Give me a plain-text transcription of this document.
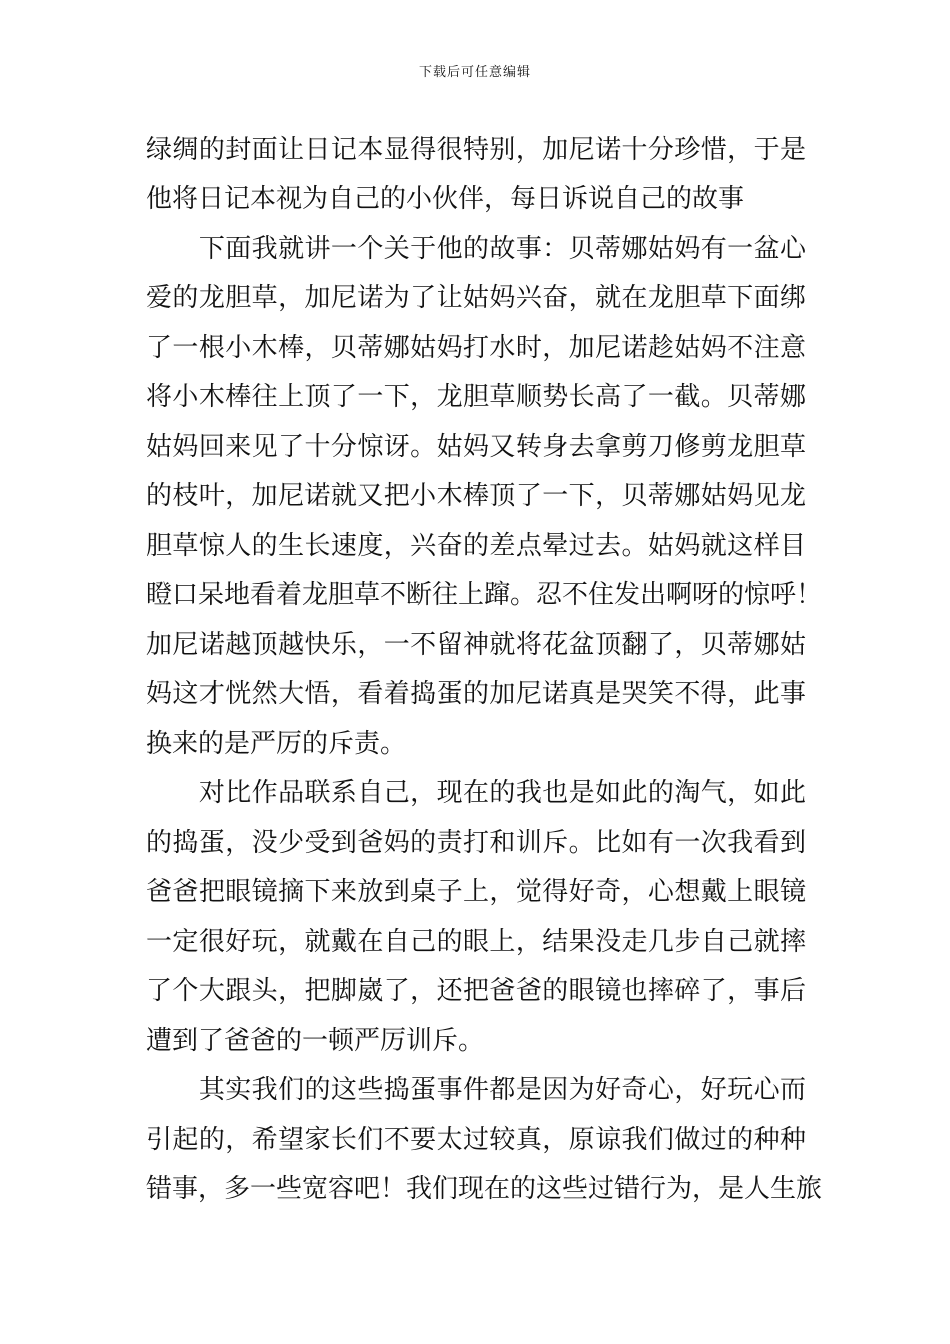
下载后可任意编辑
绿绸的封面让日记本显得很特别，加尼诺十分珍惜，于是
他将日记本视为自己的小伙伴，每日诉说自己的故事
　　下面我就讲一个关于他的故事：贝蒂娜姑妈有一盆心
爱的龙胆草，加尼诺为了让姑妈兴奋，就在龙胆草下面绑
了一根小木棒，贝蒂娜姑妈打水时，加尼诺趁姑妈不注意
将小木棒往上顶了一下，龙胆草顺势长高了一截。贝蒂娜
姑妈回来见了十分惊讶。姑妈又转身去拿剪刀修剪龙胆草
的枝叶，加尼诺就又把小木棒顶了一下，贝蒂娜姑妈见龙
胆草惊人的生长速度，兴奋的差点晕过去。姑妈就这样目
瞪口呆地看着龙胆草不断往上蹿。忍不住发出啊呀的惊呼！
加尼诺越顶越快乐，一不留神就将花盆顶翻了，贝蒂娜姑
妈这才恍然大悟，看着捣蛋的加尼诺真是哭笑不得，此事
换来的是严厉的斥责。
　　对比作品联系自己，现在的我也是如此的淘气，如此
的捣蛋，没少受到爸妈的责打和训斥。比如有一次我看到
爸爸把眼镜摘下来放到桌子上，觉得好奇，心想戴上眼镜
一定很好玩，就戴在自己的眼上，结果没走几步自己就摔
了个大跟头，把脚崴了，还把爸爸的眼镜也摔碎了，事后
遭到了爸爸的一顿严厉训斥。
　　其实我们的这些捣蛋事件都是因为好奇心，好玩心而
引起的，希望家长们不要太过较真，原谅我们做过的种种
错事，多一些宽容吧！我们现在的这些过错行为，是人生旅
